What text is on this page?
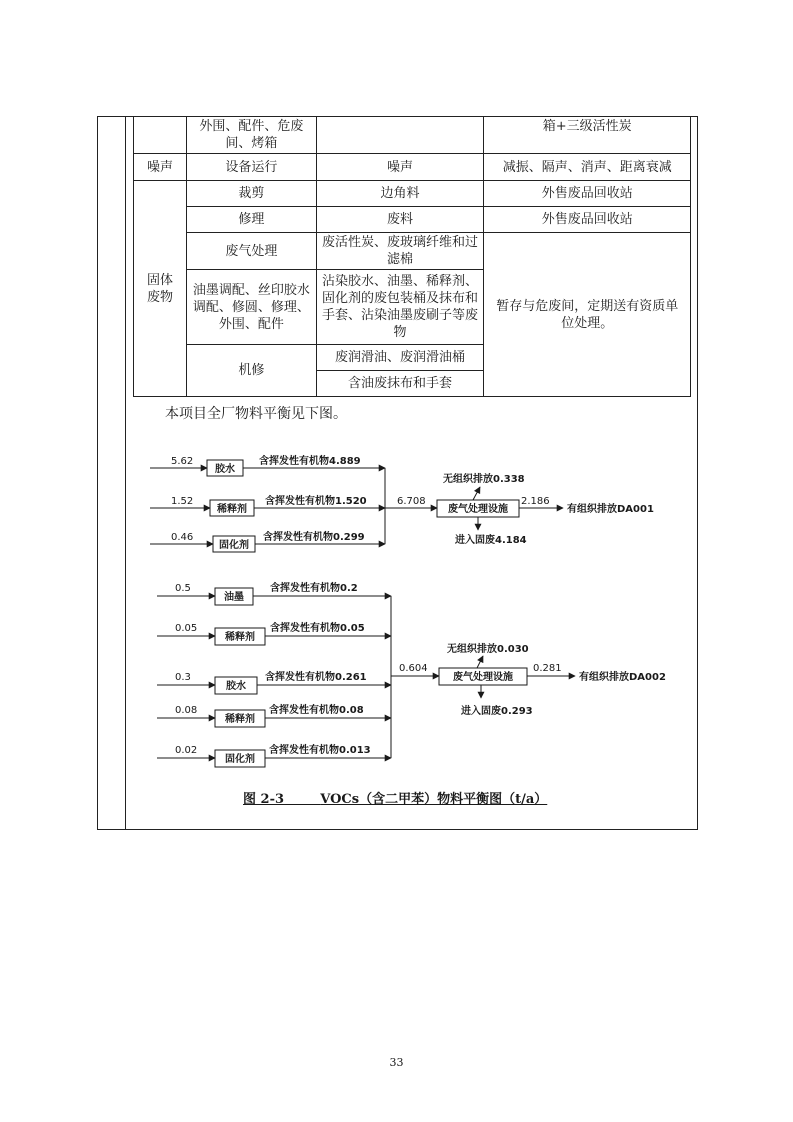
	外围、配件、危废间、烤箱		箱+三级活性炭
噪声	设备运行	噪声	减振、隔声、消声、距离衰减
固体废物	裁剪	边角料	外售废品回收站
	修理	废料	外售废品回收站
	废气处理	废活性炭、废玻璃纤维和过滤棉	暂存与危废间，定期送有资质单位处理。
	油墨调配、丝印胶水调配、修圆、修理、外围、配件	沾染胶水、油墨、稀释剂、固化剂的废包装桶及抹布和手套、沾染油墨废刷子等废物	
	机修	废润滑油、废润滑油桶	
		含油废抹布和手套	
本项目全厂物料平衡见下图。
5.62
胶水
含挥发性有机物4.889
1.52
稀释剂
含挥发性有机物1.520
0.46
固化剂
含挥发性有机物0.299
6.708
废气处理设施
无组织排放0.338
2.186
有组织排放DA001
进入固废4.184
0.5
油墨
含挥发性有机物0.2
0.05
稀释剂
含挥发性有机物0.05
0.3
胶水
含挥发性有机物0.261
0.08
稀释剂
含挥发性有机物0.08
0.02
固化剂
含挥发性有机物0.013
0.604
废气处理设施
无组织排放0.030
0.281
有组织排放DA002
进入固废0.293
图 2-3	VOCs（含二甲苯）物料平衡图（t/a）
33
